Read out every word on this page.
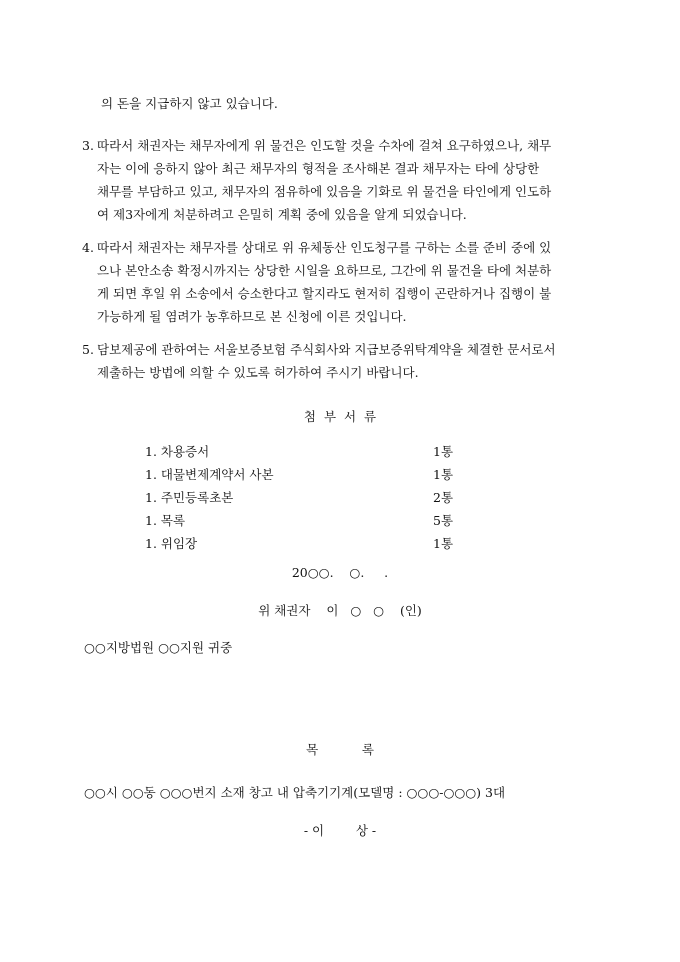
의 돈을 지급하지 않고 있습니다.
3. 따라서 채권자는 채무자에게 위 물건은 인도할 것을 수차에 걸쳐 요구하였으나, 채무
자는 이에 응하지 않아 최근 채무자의 형적을 조사해본 결과 채무자는 타에 상당한
채무를 부담하고 있고, 채무자의 점유하에 있음을 기화로 위 물건을 타인에게 인도하
여 제3자에게 처분하려고 은밀히 계획 중에 있음을 알게 되었습니다.
4. 따라서 채권자는 채무자를 상대로 위 유체동산 인도청구를 구하는 소를 준비 중에 있
으나 본안소송 확정시까지는 상당한 시일을 요하므로, 그간에 위 물건을 타에 처분하
게 되면 후일 위 소송에서 승소한다고 할지라도 현저히 집행이 곤란하거나 집행이 불
가능하게 될 염려가 농후하므로 본 신청에 이른 것입니다.
5. 담보제공에 관하여는 서울보증보험 주식회사와 지급보증위탁계약을 체결한 문서로서
제출하는 방법에 의할 수 있도록 허가하여 주시기 바랍니다.
첨  부  서  류
1. 차용증서	1통
1. 대물변제계약서 사본	1통
1. 주민등록초본	2통
1. 목록	5통
1. 위임장	1통
20○○.    ○.     .
위 채권자    이   ○   ○    (인)
○○지방법원 ○○지원 귀중
목           록
○○시 ○○동 ○○○번지 소재 창고 내 압축기기계(모델명 : ○○○-○○○) 3대
- 이        상 -
